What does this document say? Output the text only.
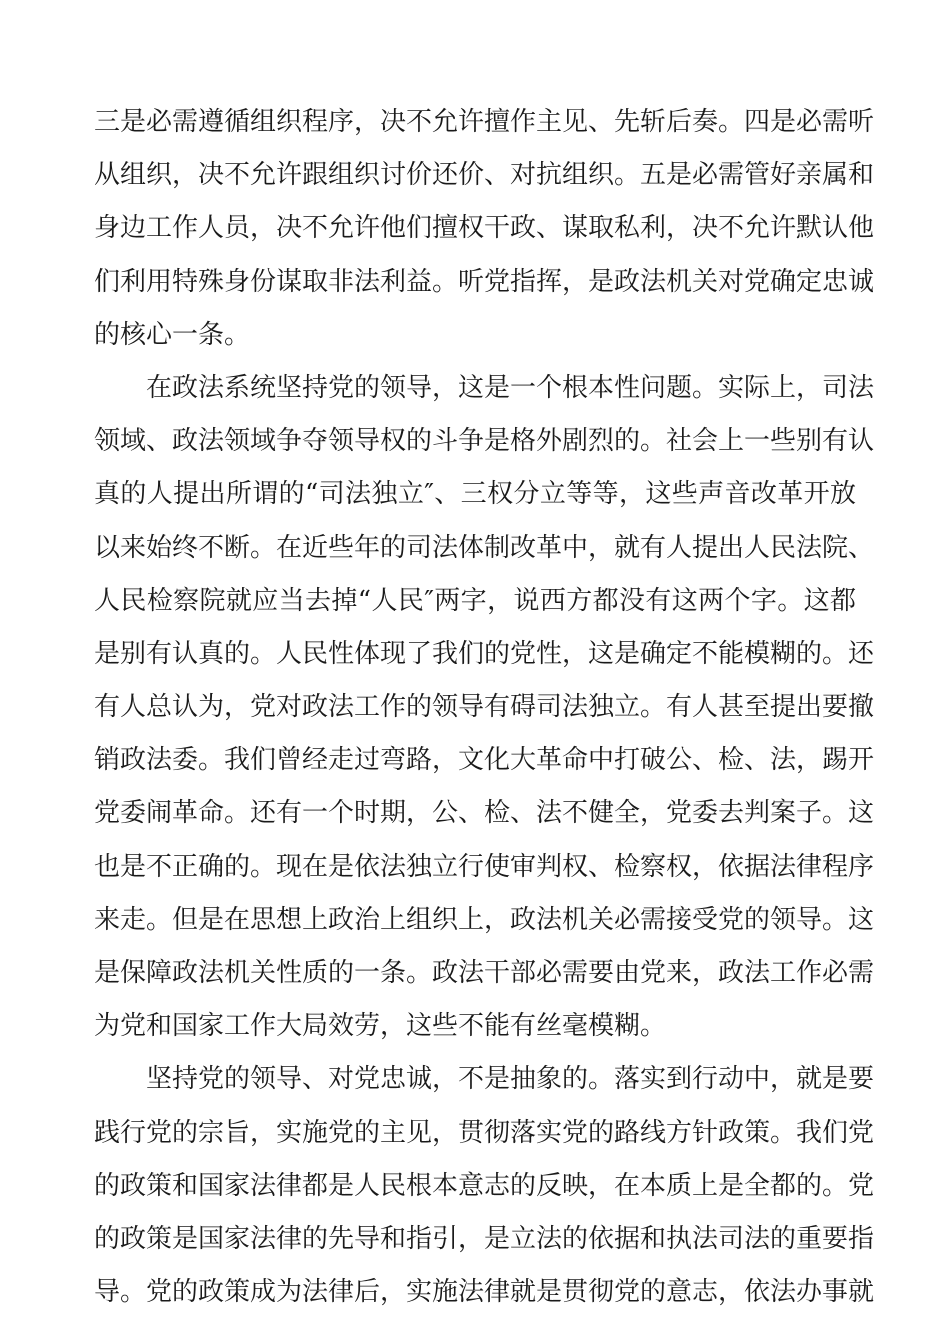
三是必需遵循组织程序，决不允许擅作主见、先斩后奏。四是必需听
从组织，决不允许跟组织讨价还价、对抗组织。五是必需管好亲属和
身边工作人员，决不允许他们擅权干政、谋取私利，决不允许默认他
们利用特殊身份谋取非法利益。听党指挥，是政法机关对党确定忠诚
的核心一条。
在政法系统坚持党的领导，这是一个根本性问题。实际上，司法
领域、政法领域争夺领导权的斗争是格外剧烈的。社会上一些别有认
真的人提出所谓的“司法独立″、三权分立等等，这些声音改革开放
以来始终不断。在近些年的司法体制改革中，就有人提出人民法院、
人民检察院就应当去掉“人民″两字，说西方都没有这两个字。这都
是别有认真的。人民性体现了我们的党性，这是确定不能模糊的。还
有人总认为，党对政法工作的领导有碍司法独立。有人甚至提出要撤
销政法委。我们曾经走过弯路，文化大革命中打破公、检、法，踢开
党委闹革命。还有一个时期，公、检、法不健全，党委去判案子。这
也是不正确的。现在是依法独立行使审判权、检察权，依据法律程序
来走。但是在思想上政治上组织上，政法机关必需接受党的领导。这
是保障政法机关性质的一条。政法干部必需要由党来，政法工作必需
为党和国家工作大局效劳，这些不能有丝毫模糊。
坚持党的领导、对党忠诚，不是抽象的。落实到行动中，就是要
践行党的宗旨，实施党的主见，贯彻落实党的路线方针政策。我们党
的政策和国家法律都是人民根本意志的反映，在本质上是全都的。党
的政策是国家法律的先导和指引，是立法的依据和执法司法的重要指
导。党的政策成为法律后，实施法律就是贯彻党的意志，依法办事就
